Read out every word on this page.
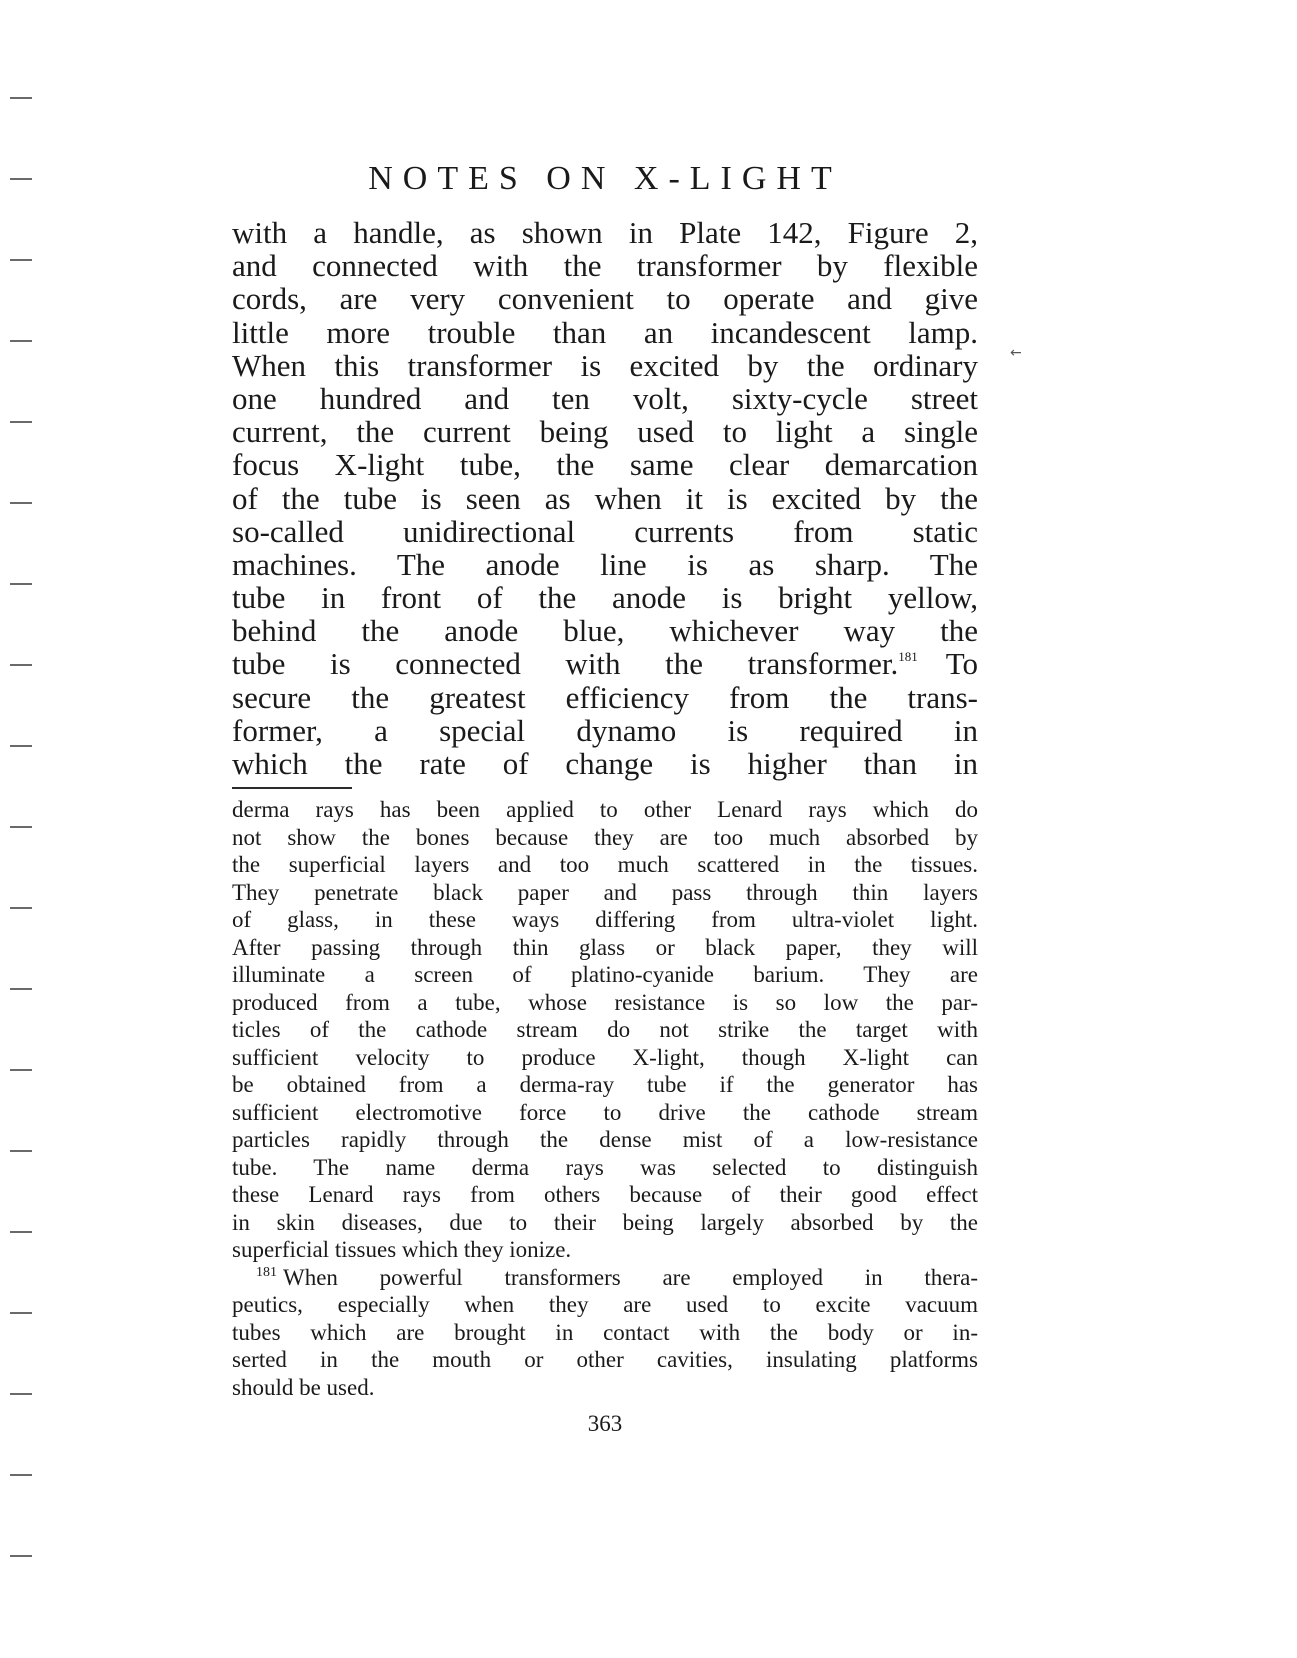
NOTES ON X-LIGHT
with a handle, as shown in Plate 142, Figure 2,
and connected with the transformer by flexible
cords, are very convenient to operate and give
little more trouble than an incandescent lamp.
When this transformer is excited by the ordinary
one hundred and ten volt, sixty-cycle street
current, the current being used to light a single
focus X-light tube, the same clear demarcation
of the tube is seen as when it is excited by the
so-called unidirectional currents from static
machines. The anode line is as sharp. The
tube in front of the anode is bright yellow,
behind the anode blue, whichever way the
tube is connected with the transformer.$^{181}$ To
secure the greatest efficiency from the trans-
former, a special dynamo is required in
which the rate of change is higher than in
derma rays has been applied to other Lenard rays which do
not show the bones because they are too much absorbed by
the superficial layers and too much scattered in the tissues.
They penetrate black paper and pass through thin layers
of glass, in these ways differing from ultra-violet light.
After passing through thin glass or black paper, they will
illuminate a screen of platino-cyanide barium. They are
produced from a tube, whose resistance is so low the par-
ticles of the cathode stream do not strike the target with
sufficient velocity to produce X-light, though X-light can
be obtained from a derma-ray tube if the generator has
sufficient electromotive force to drive the cathode stream
particles rapidly through the dense mist of a low-resistance
tube. The name derma rays was selected to distinguish
these Lenard rays from others because of their good effect
in skin diseases, due to their being largely absorbed by the
superficial tissues which they ionize.
$^{181}$ When powerful transformers are employed in thera-
peutics, especially when they are used to excite vacuum
tubes which are brought in contact with the body or in-
serted in the mouth or other cavities, insulating platforms
should be used.
363
←
